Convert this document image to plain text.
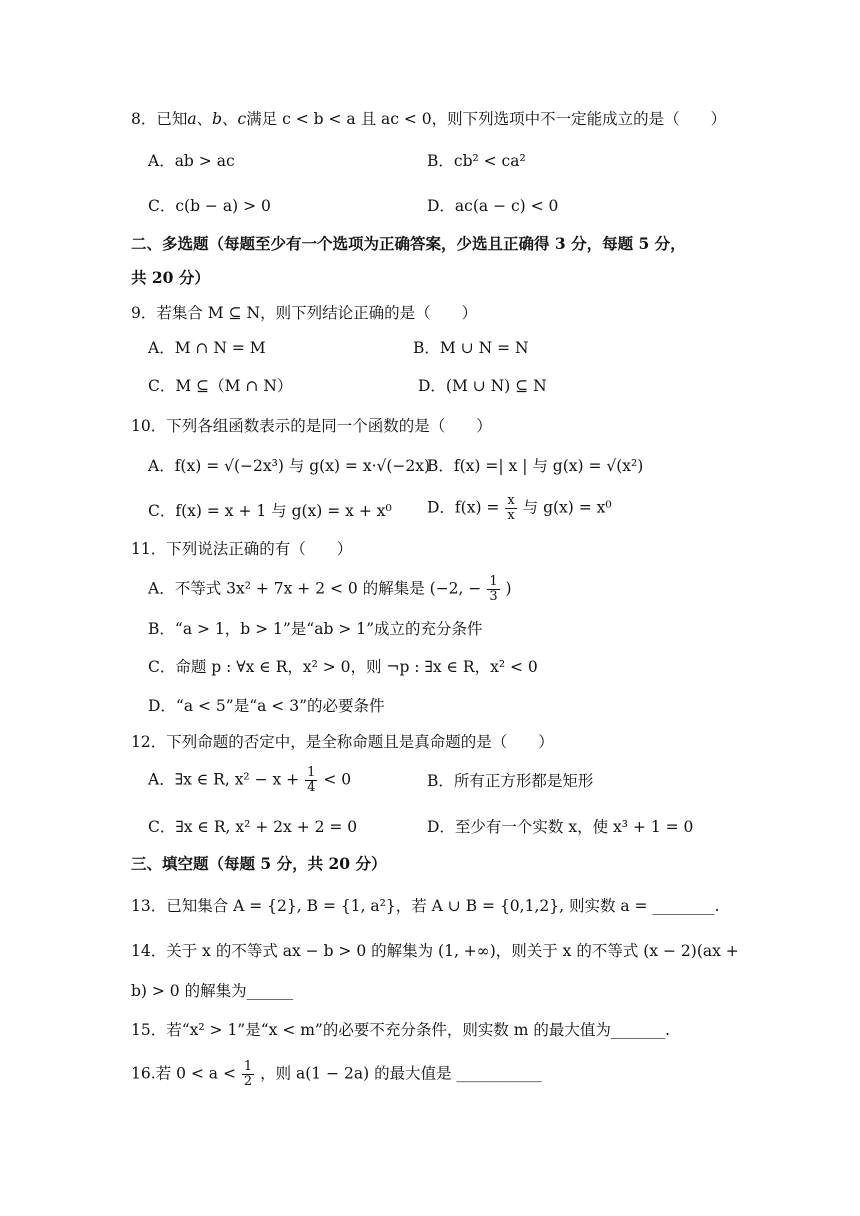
8．已知𝑎、𝑏、𝑐满足 c < b < a 且 ac < 0，则下列选项中不一定能成立的是（　　）
A．ab > ac	B．cb² < ca²
C．c(b − a) > 0	D．ac(a − c) < 0
二、多选题（每题至少有一个选项为正确答案，少选且正确得 3 分，每题 5 分，
共 20 分）
9．若集合 M ⊆ N，则下列结论正确的是（　　）
A．M ∩ N = M	B．M ∪ N = N
C．M ⊆（M ∩ N）	D．(M ∪ N) ⊆ N
10．下列各组函数表示的是同一个函数的是（　　）
A．f(x) = √(−2x³) 与 g(x) = x·√(−2x)
B．f(x) =| x | 与 g(x) = √(x²)
C．f(x) = x + 1 与 g(x) = x + x⁰ D．$f(x) = \frac{x}{x}$ 与 g(x) = x⁰
11．下列说法正确的有（　　）
A．不等式 3x² + 7x + 2 < 0 的解集是 (−2, − $\frac{1}{3}$ )
B．“a > 1，b > 1”是“ab > 1”成立的充分条件
C．命题 p : ∀x ∈ R，x² > 0，则 ¬p : ∃x ∈ R，x² < 0
D．“a < 5”是“a < 3”的必要条件
12．下列命题的否定中，是全称命题且是真命题的是（　　）
A．∃x ∈ R, $x^2 - x + \frac{1}{4} < 0$	B．所有正方形都是矩形
C．∃x ∈ R, x² + 2x + 2 = 0	D．至少有一个实数 x，使 x³ + 1 = 0
三、填空题（每题 5 分，共 20 分）
13．已知集合 A = {2}, B = {1, a²}，若 A ∪ B = {0,1,2}, 则实数 a = ________.
14．关于 x 的不等式 ax − b > 0 的解集为 (1, +∞)，则关于 x 的不等式 (x − 2)(ax +
b) > 0 的解集为______
15．若“x² > 1”是“x < m”的必要不充分条件，则实数 m 的最大值为_______.
16.若 $0 < a < \frac{1}{2}$ ，则 a(1 − 2a) 的最大值是 ___________
